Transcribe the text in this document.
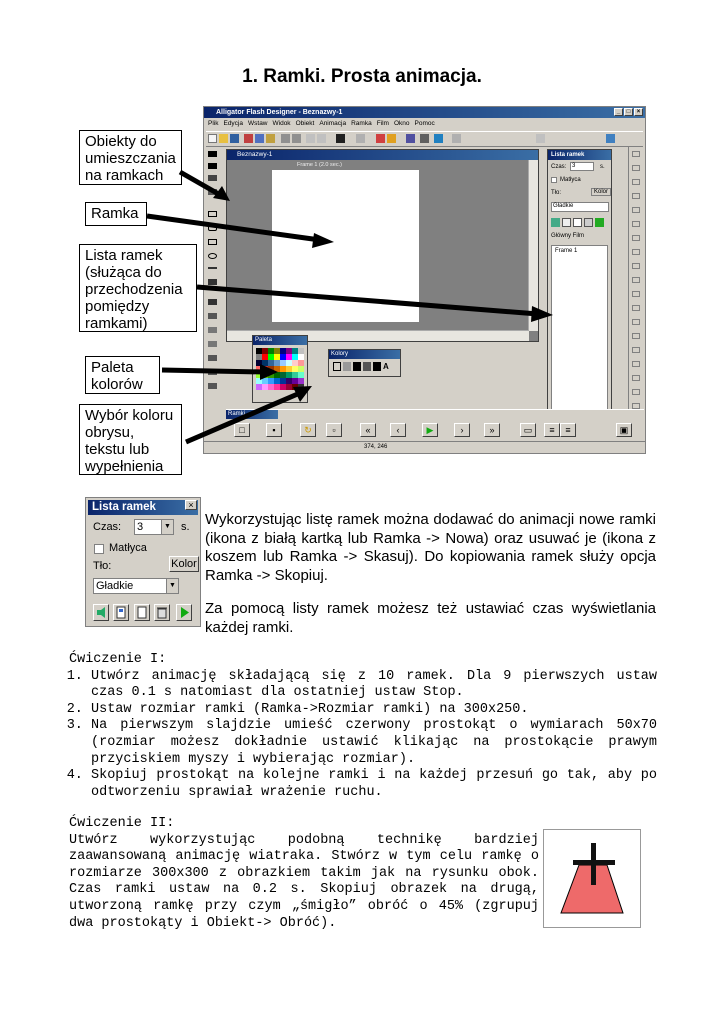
1. Ramki. Prosta animacja.
Alligator Flash Designer - Beznazwy-1	_	□	×
Plik Edycja Wstaw Widok Obiekt Animacja Ramka Film Okno Pomoc
Beznazwy-1
Frame 1 (2.0 sec.)
Lista ramek
Czas: 3	s.
Matłyca
Tło:	Kolor
Gładkie
Główny Film
Frame 1
Paleta
Kolory
A
Ramki
□	▪	↻	▫	«	‹	▶	›	»	▭	≡	≡	▣
374, 246
Obiekty do umieszczania na ramkach
Ramka
Lista ramek (służąca do przechodzenia pomiędzy ramkami)
Paleta kolorów
Wybór koloru obrysu, tekstu lub wypełnienia
Lista ramek	×
Czas: 3	▼ s.
Matłyca
Tło:	Kolor
Gładkie	▼
Wykorzystując listę ramek można dodawać do animacji nowe ramki (ikona z białą kartką lub Ramka -> Nowa) oraz usuwać je (ikona z koszem lub Ramka -> Skasuj). Do kopiowania ramek służy opcja Ramka -> Skopiuj.
Za pomocą listy ramek możesz też ustawiać czas wyświetlania każdej ramki.
Ćwiczenie I:
1. Utwórz animację składającą się z 10 ramek. Dla 9 pierwszych ustaw czas 0.1 s natomiast dla ostatniej ustaw Stop.
2. Ustaw rozmiar ramki (Ramka->Rozmiar ramki) na 300x250.
3. Na pierwszym slajdzie umieść czerwony prostokąt o wymiarach 50x70 (rozmiar możesz dokładnie ustawić klikając na prostokącie prawym przyciskiem myszy i wybierając rozmiar).
4. Skopiuj prostokąt na kolejne ramki i na każdej przesuń go tak, aby po odtworzeniu sprawiał wrażenie ruchu.
Ćwiczenie II:
Utwórz wykorzystując podobną technikę bardziej zaawansowaną animację wiatraka. Stwórz w tym celu ramkę o rozmiarze 300x300 z obrazkiem takim jak na rysunku obok. Czas ramki ustaw na 0.2 s. Skopiuj obrazek na drugą, utworzoną ramkę przy czym „śmigło” obróć o 45% (zgrupuj dwa prostokąty i Obiekt-> Obróć).
